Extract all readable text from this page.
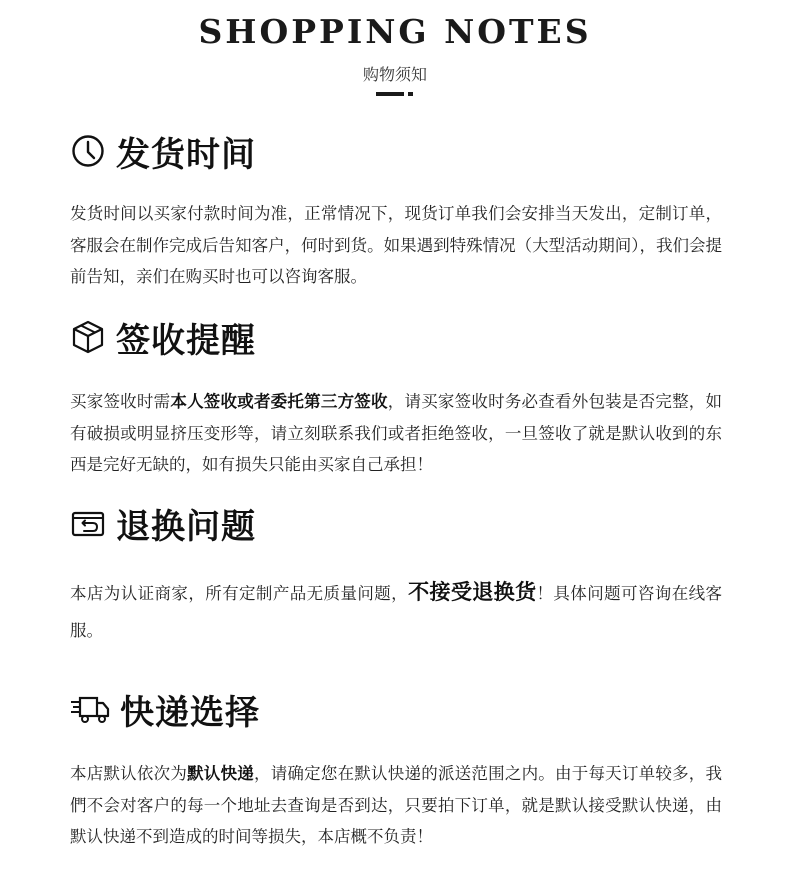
SHOPPING NOTES
购物须知
发货时间
发货时间以买家付款时间为准，正常情况下，现货订单我们会安排当天发出，定制订单，客服会在制作完成后告知客户，何时到货。如果遇到特殊情况（大型活动期间），我们会提前告知，亲们在购买时也可以咨询客服。
签收提醒
买家签收时需本人签收或者委托第三方签收，请买家签收时务必查看外包装是否完整，如有破损或明显挤压变形等，请立刻联系我们或者拒绝签收，一旦签收了就是默认收到的东西是完好无缺的，如有损失只能由买家自己承担！
退换问题
本店为认证商家，所有定制产品无质量问题，不接受退换货！具体问题可咨询在线客服。
快递选择
本店默认依次为默认快递，请确定您在默认快递的派送范围之内。由于每天订单较多，我們不会对客户的每一个地址去查询是否到达，只要拍下订单，就是默认接受默认快递，由默认快递不到造成的时间等损失，本店概不负责！
